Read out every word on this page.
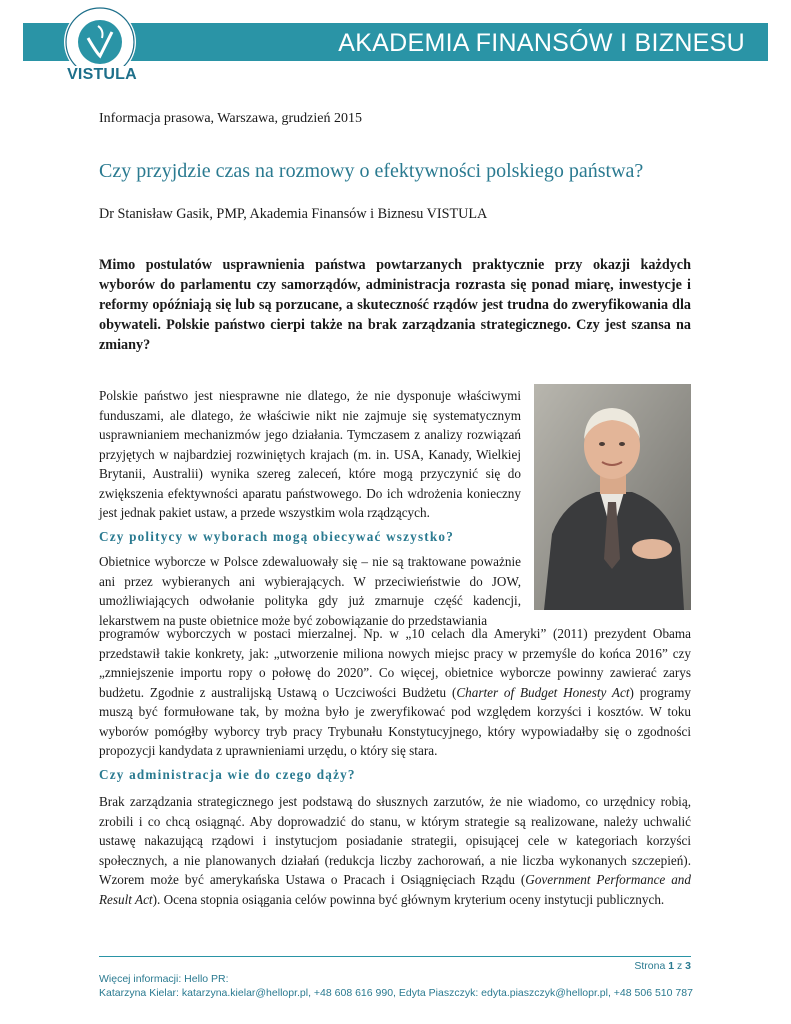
AKADEMIA FINANSÓW I BIZNESU
VISTULA
Informacja prasowa, Warszawa, grudzień 2015
Czy przyjdzie czas na rozmowy o efektywności polskiego państwa?
Dr Stanisław Gasik, PMP, Akademia Finansów i Biznesu VISTULA
Mimo postulatów usprawnienia państwa powtarzanych praktycznie przy okazji każdych wyborów do parlamentu czy samorządów, administracja rozrasta się ponad miarę, inwestycje i reformy opóźniają się lub są porzucane, a skuteczność rządów jest trudna do zweryfikowania dla obywateli. Polskie państwo cierpi także na brak zarządzania strategicznego. Czy jest szansa na zmiany?
Polskie państwo jest niesprawne nie dlatego, że nie dysponuje właściwymi funduszami, ale dlatego, że właściwie nikt nie zajmuje się systematycznym usprawnianiem mechanizmów jego działania. Tymczasem z analizy rozwiązań przyjętych w najbardziej rozwiniętych krajach (m. in. USA, Kanady, Wielkiej Brytanii, Australii) wynika szereg zaleceń, które mogą przyczynić się do zwiększenia efektywności aparatu państwowego. Do ich wdrożenia konieczny jest jednak pakiet ustaw, a przede wszystkim wola rządzących.
Czy politycy w wyborach mogą obiecywać wszystko?
Obietnice wyborcze w Polsce zdewaluowały się – nie są traktowane poważnie ani przez wybieranych ani wybierających. W przeciwieństwie do JOW, umożliwiających odwołanie polityka gdy już zmarnuje część kadencji, lekarstwem na puste obietnice może być zobowiązanie do przedstawiania
programów wyborczych w postaci mierzalnej. Np. w „10 celach dla Ameryki” (2011) prezydent Obama przedstawił takie konkrety, jak: „utworzenie miliona nowych miejsc pracy w przemyśle do końca 2016” czy „zmniejszenie importu ropy o połowę do 2020”. Co więcej, obietnice wyborcze powinny zawierać zarys budżetu. Zgodnie z australijską Ustawą o Uczciwości Budżetu (Charter of Budget Honesty Act) programy muszą być formułowane tak, by można było je zweryfikować pod względem korzyści i kosztów. W toku wyborów pomógłby wyborcy tryb pracy Trybunału Konstytucyjnego, który wypowiadałby się o zgodności propozycji kandydata z uprawnieniami urzędu, o który się stara.
Czy administracja wie do czego dąży?
Brak zarządzania strategicznego jest podstawą do słusznych zarzutów, że nie wiadomo, co urzędnicy robią, zrobili i co chcą osiągnąć. Aby doprowadzić do stanu, w którym strategie są realizowane, należy uchwalić ustawę nakazującą rządowi i instytucjom posiadanie strategii, opisującej cele w kategoriach korzyści społecznych, a nie planowanych działań (redukcja liczby zachorowań, a nie liczba wykonanych szczepień). Wzorem może być amerykańska Ustawa o Pracach i Osiągnięciach Rządu (Government Performance and Result Act). Ocena stopnia osiągania celów powinna być głównym kryterium oceny instytucji publicznych.
Strona 1 z 3
Więcej informacji: Hello PR:
Katarzyna Kielar: katarzyna.kielar@hellopr.pl, +48 608 616 990, Edyta Piaszczyk: edyta.piaszczyk@hellopr.pl, +48 506 510 787
